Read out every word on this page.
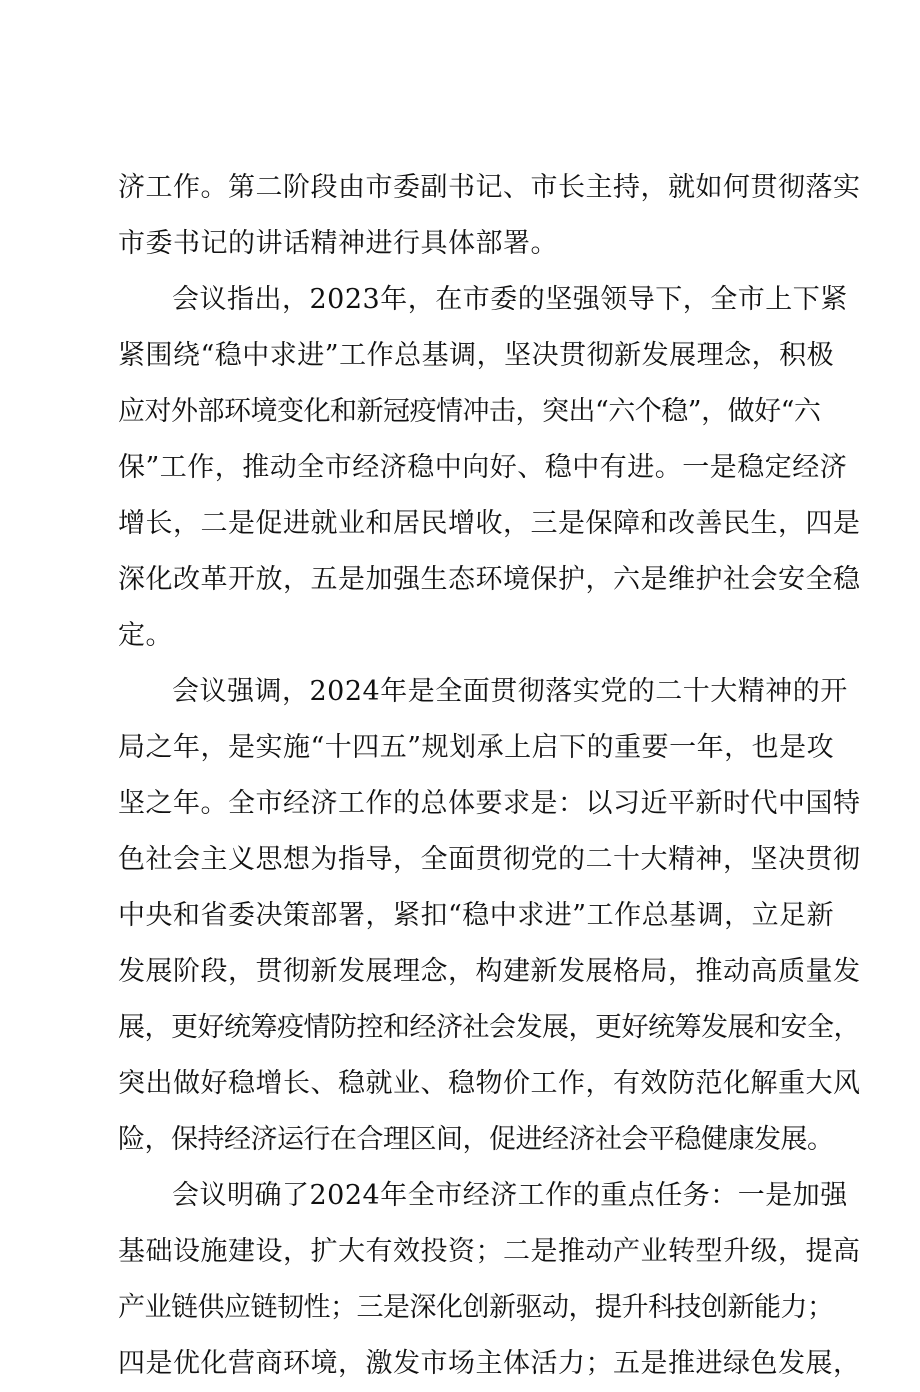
济工作。第二阶段由市委副书记、市长主持，就如何贯彻落实
市委书记的讲话精神进行具体部署。
会议指出，2023年，在市委的坚强领导下，全市上下紧
紧围绕“稳中求进”工作总基调，坚决贯彻新发展理念，积极
应对外部环境变化和新冠疫情冲击，突出“六个稳”，做好“六
保”工作，推动全市经济稳中向好、稳中有进。一是稳定经济
增长，二是促进就业和居民增收，三是保障和改善民生，四是
深化改革开放，五是加强生态环境保护，六是维护社会安全稳
定。
会议强调，2024年是全面贯彻落实党的二十大精神的开
局之年，是实施“十四五”规划承上启下的重要一年，也是攻
坚之年。全市经济工作的总体要求是：以习近平新时代中国特
色社会主义思想为指导，全面贯彻党的二十大精神，坚决贯彻
中央和省委决策部署，紧扣“稳中求进”工作总基调，立足新
发展阶段，贯彻新发展理念，构建新发展格局，推动高质量发
展，更好统筹疫情防控和经济社会发展，更好统筹发展和安全，
突出做好稳增长、稳就业、稳物价工作，有效防范化解重大风
险，保持经济运行在合理区间，促进经济社会平稳健康发展。
会议明确了2024年全市经济工作的重点任务：一是加强
基础设施建设，扩大有效投资；二是推动产业转型升级，提高
产业链供应链韧性；三是深化创新驱动，提升科技创新能力；
四是优化营商环境，激发市场主体活力；五是推进绿色发展，
